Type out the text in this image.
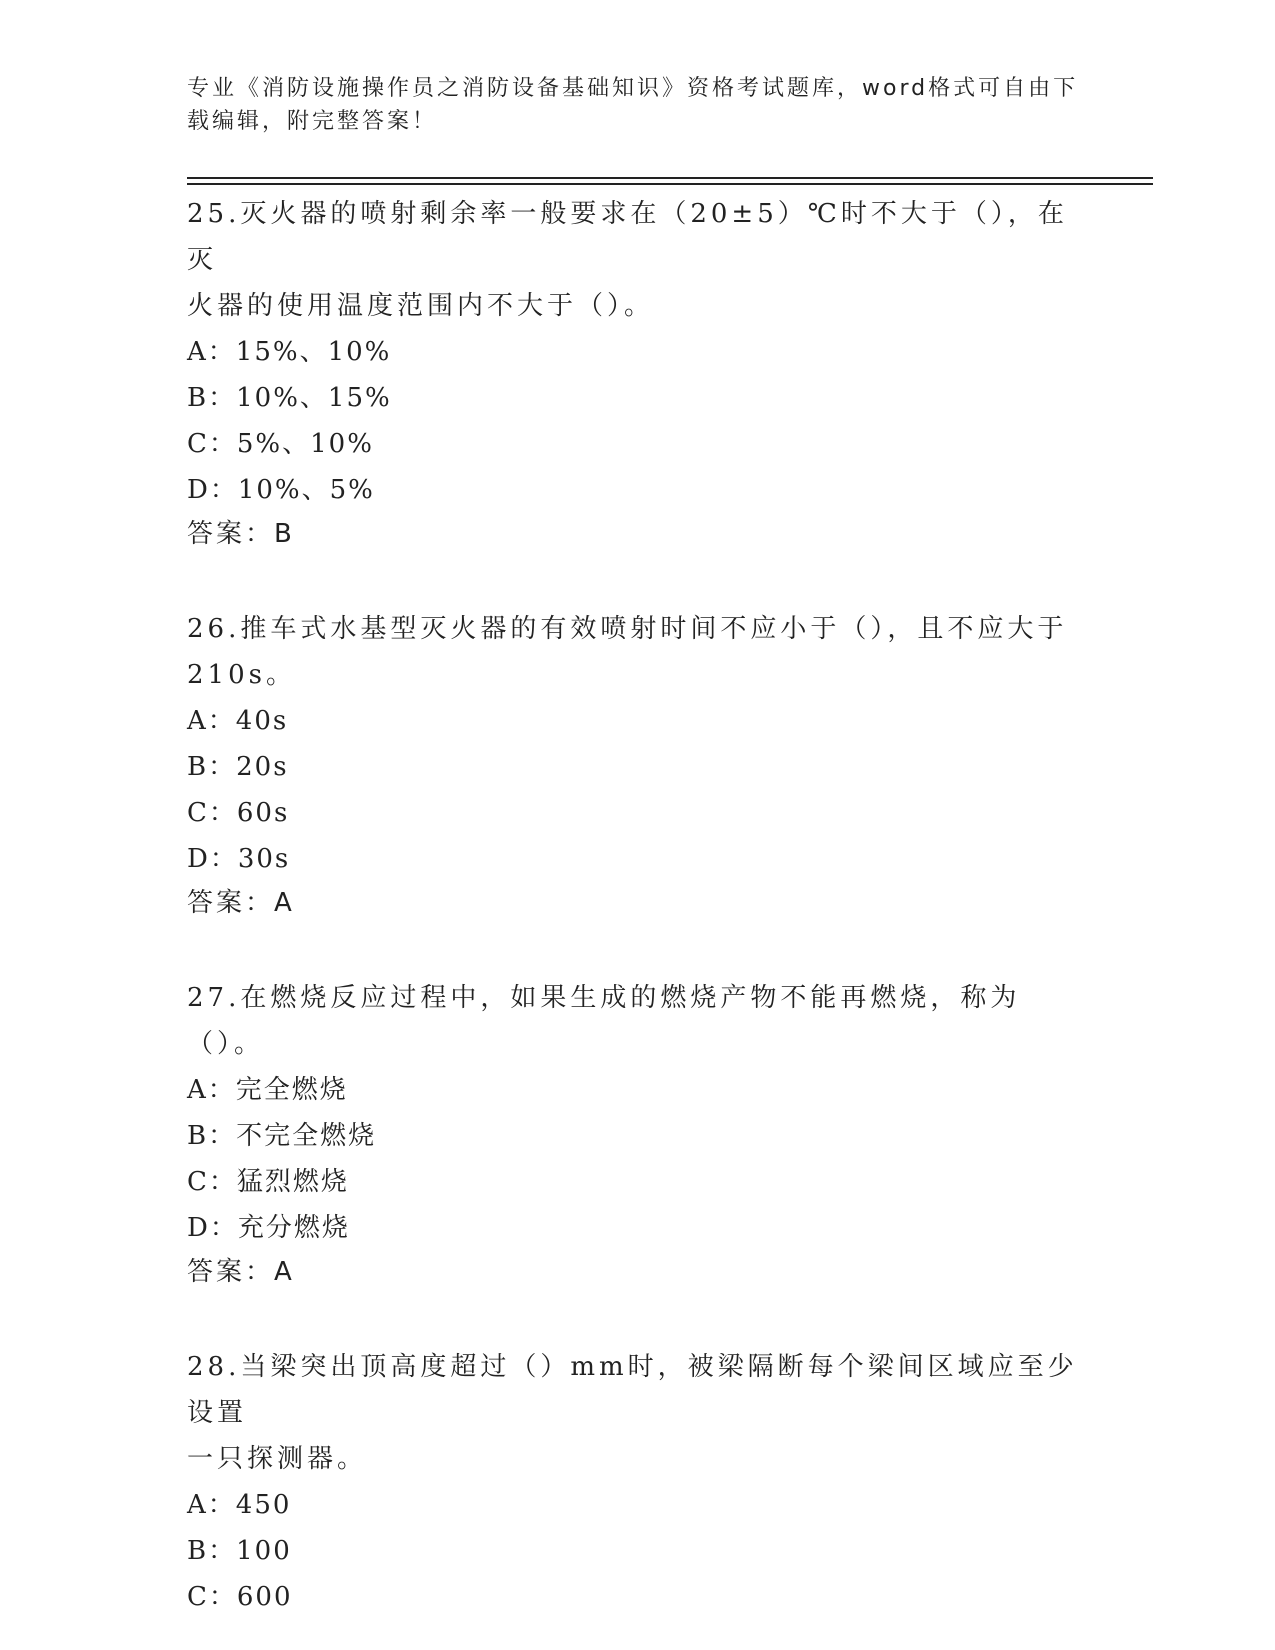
专业《消防设施操作员之消防设备基础知识》资格考试题库，word格式可自由下
载编辑，附完整答案！
25.灭火器的喷射剩余率一般要求在（20±5）℃时不大于（），在灭
火器的使用温度范围内不大于（）。
A：15%、10%
B：10%、15%
C：5%、10%
D：10%、5%
答案：B
26.推车式水基型灭火器的有效喷射时间不应小于（），且不应大于
210s。
A：40s
B：20s
C：60s
D：30s
答案：A
27.在燃烧反应过程中，如果生成的燃烧产物不能再燃烧，称为（）。
A：完全燃烧
B：不完全燃烧
C：猛烈燃烧
D：充分燃烧
答案：A
28.当梁突出顶高度超过（）mm时，被梁隔断每个梁间区域应至少设置
一只探测器。
A：450
B：100
C：600
